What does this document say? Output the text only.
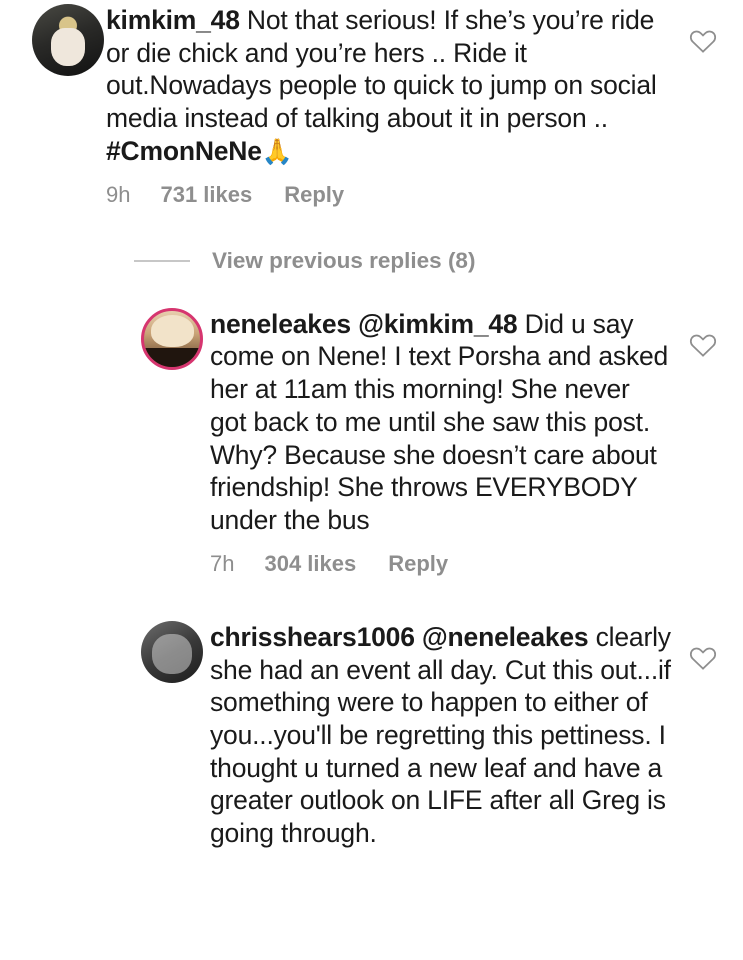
kimkim_48 Not that serious! If she’s you’re ride or die chick and you’re hers .. Ride it out.Nowadays people to quick to jump on social media instead of talking about it in person .. #CmonNeNe🙏

9h 731 likes Reply
View previous replies (8)

neneleakes @kimkim_48 Did u say come on Nene! I text Porsha and asked her at 11am this morning! She never got back to me until she saw this post. Why? Because she doesn’t care about friendship! She throws EVERYBODY under the bus

7h 304 likes Reply

chrisshears1006 @neneleakes clearly she had an event all day. Cut this out...if something were to happen to either of you...you'll be regretting this pettiness. I thought u turned a new leaf and have a greater outlook on LIFE after all Greg is going through.
